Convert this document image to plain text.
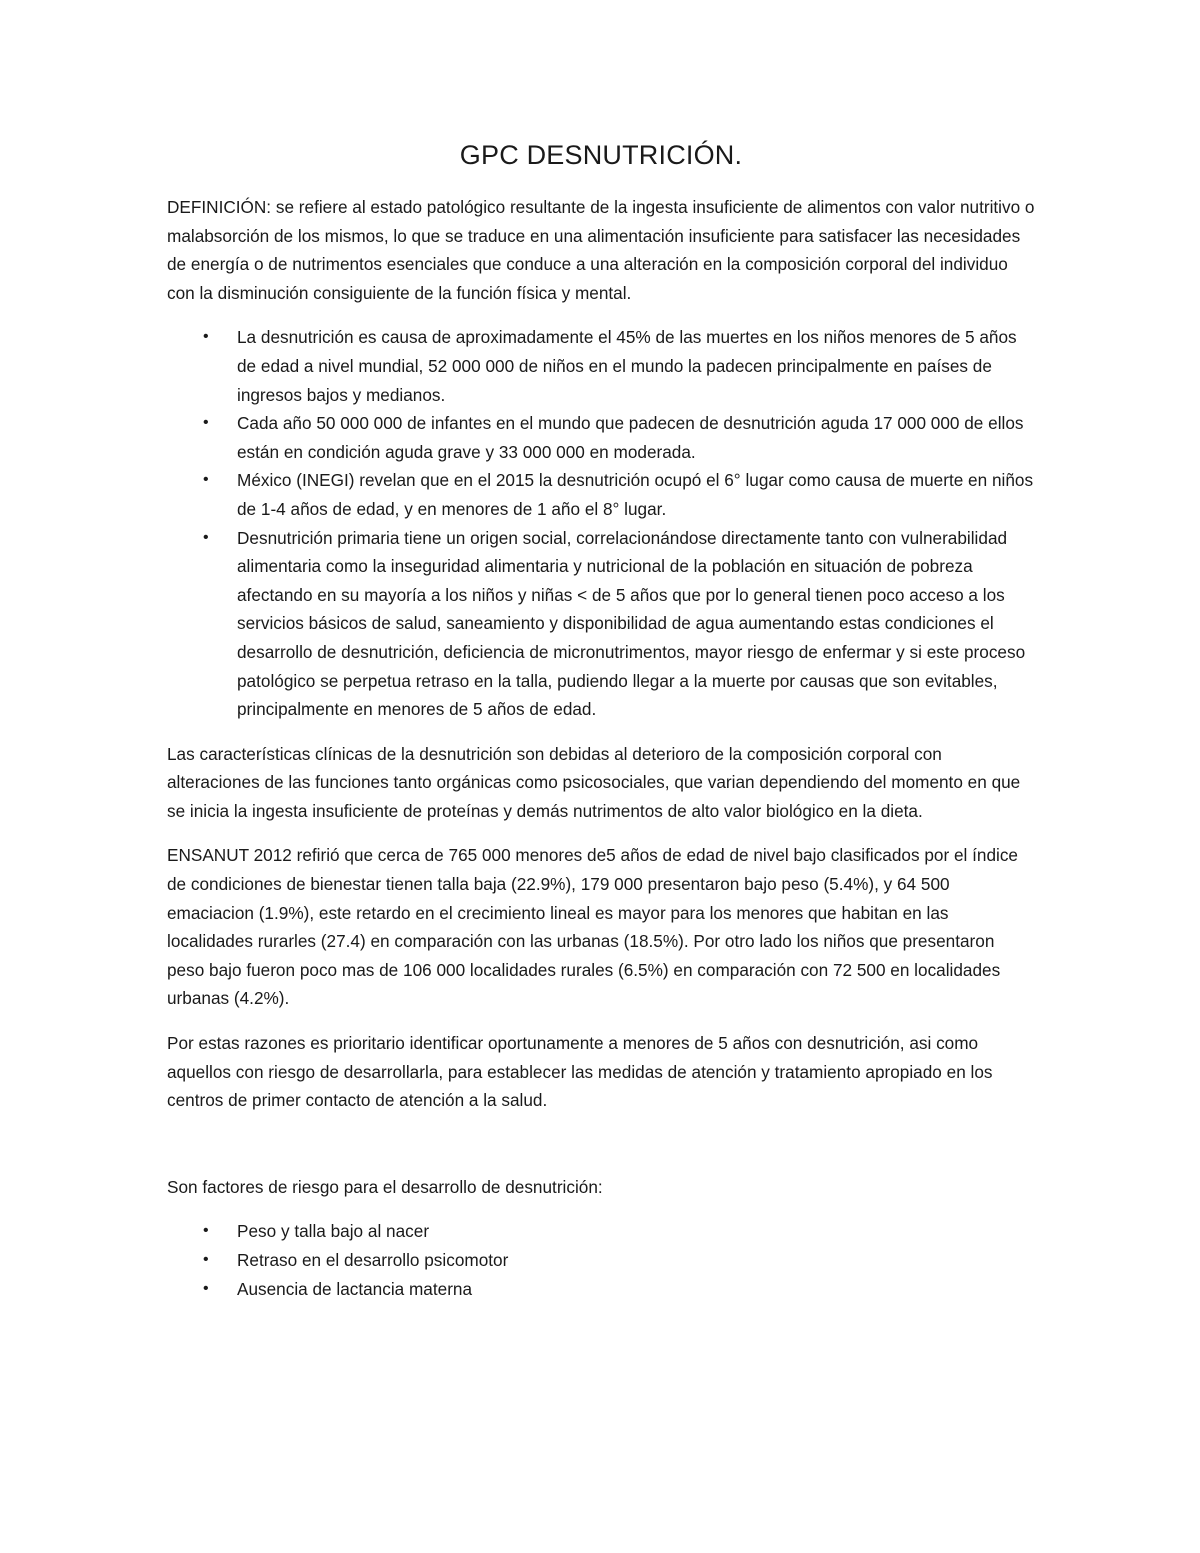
GPC DESNUTRICIÓN.

DEFINICIÓN: se refiere al estado patológico resultante de la ingesta insuficiente de alimentos con valor nutritivo o malabsorción de los mismos, lo que se traduce en una alimentación insuficiente para satisfacer las necesidades de energía o de nutrimentos esenciales que conduce a una alteración en la composición corporal del individuo con la disminución consiguiente de la función física y mental.

• La desnutrición es causa de aproximadamente el 45% de las muertes en los niños menores de 5 años de edad a nivel mundial, 52 000 000 de niños en el mundo la padecen principalmente en países de ingresos bajos y medianos.
• Cada año 50 000 000 de infantes en el mundo que padecen de desnutrición aguda 17 000 000 de ellos están en condición aguda grave y 33 000 000 en moderada.
• México (INEGI) revelan que en el 2015 la desnutrición ocupó el 6° lugar como causa de muerte en niños de 1-4 años de edad, y en menores de 1 año el 8° lugar.
• Desnutrición primaria tiene un origen social, correlacionándose directamente tanto con vulnerabilidad alimentaria como la inseguridad alimentaria y nutricional de la población en situación de pobreza afectando en su mayoría a los niños y niñas < de 5 años que por lo general tienen poco acceso a los servicios básicos de salud, saneamiento y disponibilidad de agua aumentando estas condiciones el desarrollo de desnutrición, deficiencia de micronutrimentos, mayor riesgo de enfermar y si este proceso patológico se perpetua retraso en la talla, pudiendo llegar a la muerte por causas que son evitables, principalmente en menores de 5 años de edad.

Las características clínicas de la desnutrición son debidas al deterioro de la composición corporal con alteraciones de las funciones tanto orgánicas como psicosociales, que varian dependiendo del momento en que se inicia la ingesta insuficiente de proteínas y demás nutrimentos de alto valor biológico en la dieta.

ENSANUT 2012 refirió que cerca de 765 000 menores de5 años de edad de nivel bajo clasificados por el índice de condiciones de bienestar tienen talla baja (22.9%), 179 000 presentaron bajo peso (5.4%), y 64 500 emaciacion (1.9%), este retardo en el crecimiento lineal es mayor para los menores que habitan en las localidades rurarles (27.4) en comparación con las urbanas (18.5%). Por otro lado los niños que presentaron peso bajo fueron poco mas de 106 000 localidades rurales (6.5%) en comparación con 72 500 en localidades urbanas (4.2%).

Por estas razones es prioritario identificar oportunamente a menores de 5 años con desnutrición, asi como aquellos con riesgo de desarrollarla, para establecer las medidas de atención y tratamiento apropiado en los centros de primer contacto de atención a la salud.

Son factores de riesgo para el desarrollo de desnutrición:

• Peso y talla bajo al nacer
• Retraso en el desarrollo psicomotor
• Ausencia de lactancia materna
